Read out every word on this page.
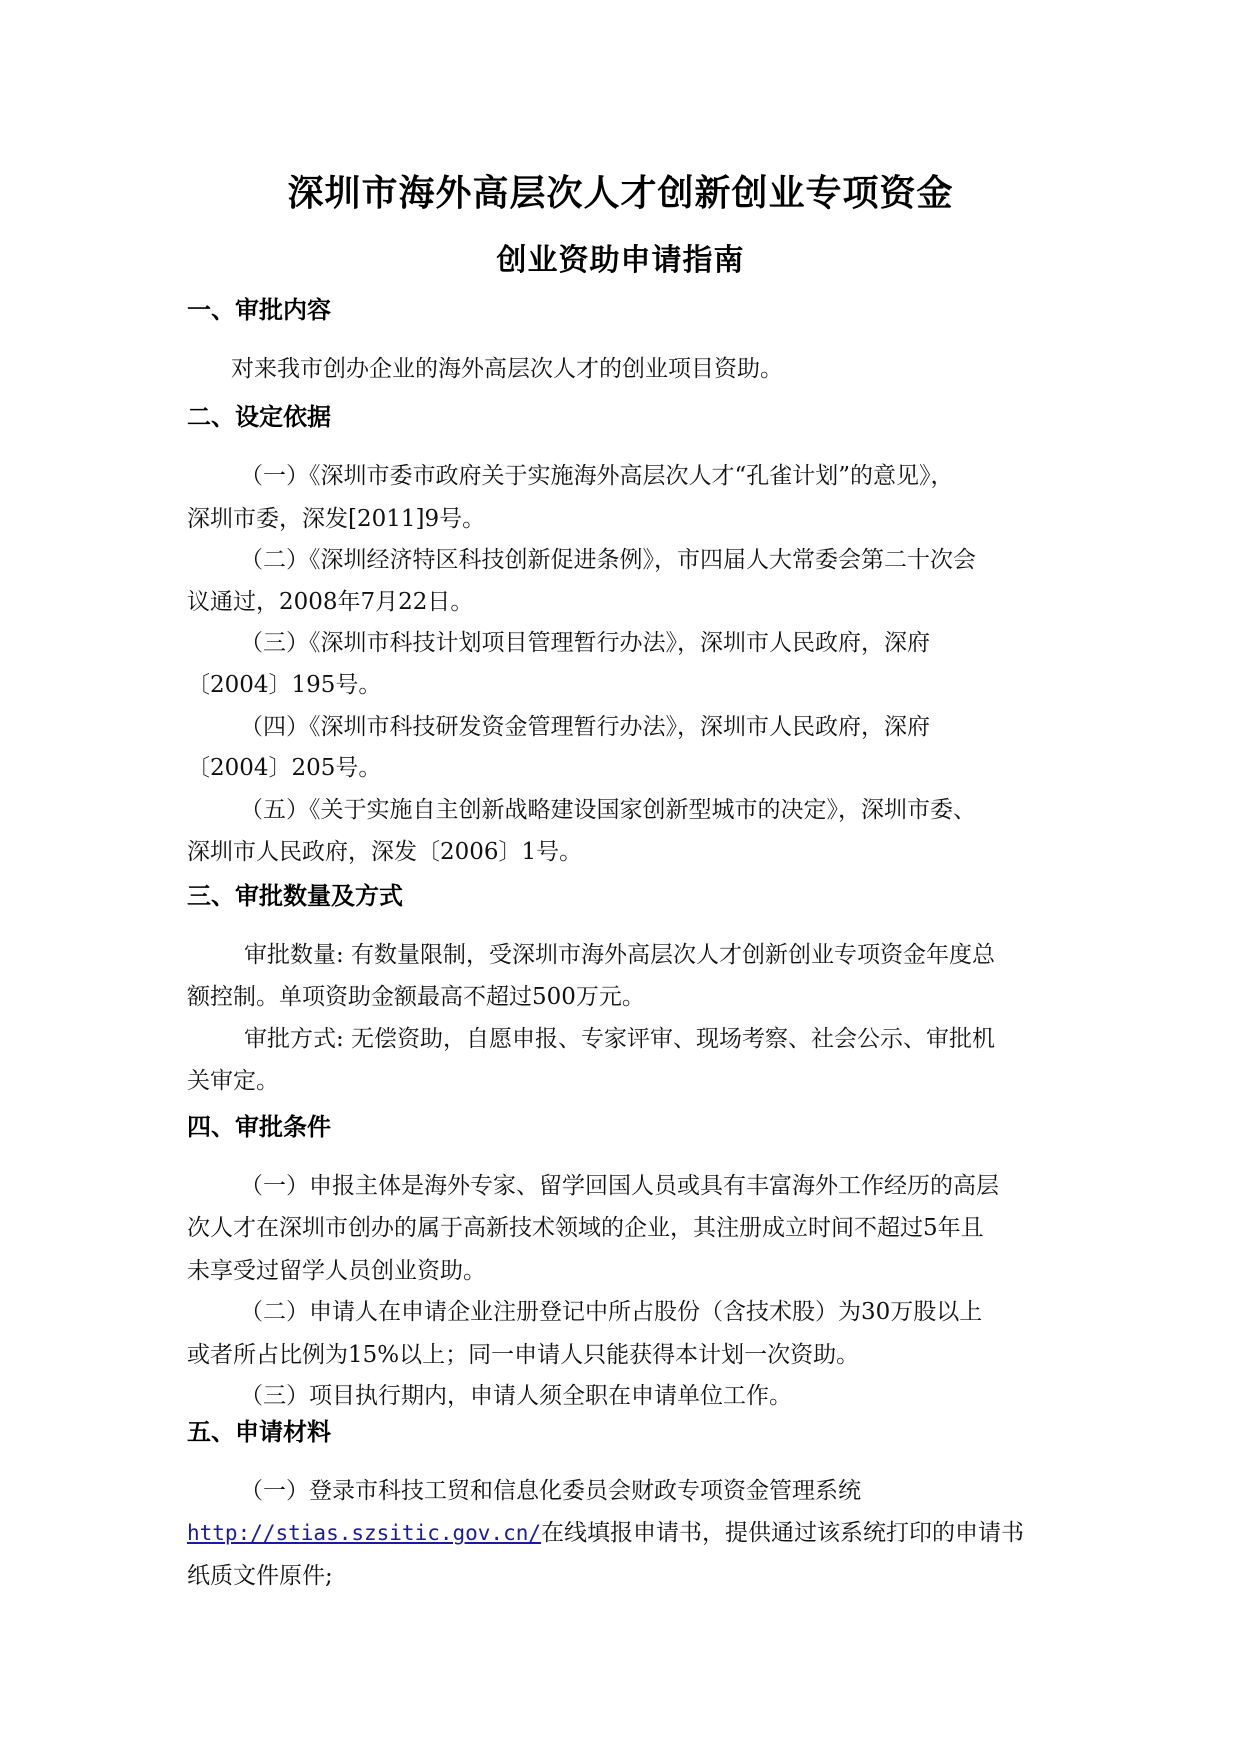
深圳市海外高层次人才创新创业专项资金
创业资助申请指南
一、审批内容
对来我市创办企业的海外高层次人才的创业项目资助。
二、设定依据
（一）《深圳市委市政府关于实施海外高层次人才“孔雀计划”的意见》，
深圳市委，深发[2011]9号。
（二）《深圳经济特区科技创新促进条例》，市四届人大常委会第二十次会
议通过，2008年7月22日。
（三）《深圳市科技计划项目管理暂行办法》，深圳市人民政府，深府
〔2004〕195号。
（四）《深圳市科技研发资金管理暂行办法》，深圳市人民政府，深府
〔2004〕205号。
（五）《关于实施自主创新战略建设国家创新型城市的决定》，深圳市委、
深圳市人民政府，深发〔2006〕1号。
三、审批数量及方式
审批数量: 有数量限制，受深圳市海外高层次人才创新创业专项资金年度总
额控制。单项资助金额最高不超过500万元。
审批方式: 无偿资助，自愿申报、专家评审、现场考察、社会公示、审批机
关审定。
四、审批条件
（一）申报主体是海外专家、留学回国人员或具有丰富海外工作经历的高层
次人才在深圳市创办的属于高新技术领域的企业，其注册成立时间不超过5年且
未享受过留学人员创业资助。
（二）申请人在申请企业注册登记中所占股份（含技术股）为30万股以上
或者所占比例为15%以上；同一申请人只能获得本计划一次资助。
（三）项目执行期内，申请人须全职在申请单位工作。
五、申请材料
（一）登录市科技工贸和信息化委员会财政专项资金管理系统
http://stias.szsitic.gov.cn/在线填报申请书，提供通过该系统打印的申请书
纸质文件原件;
